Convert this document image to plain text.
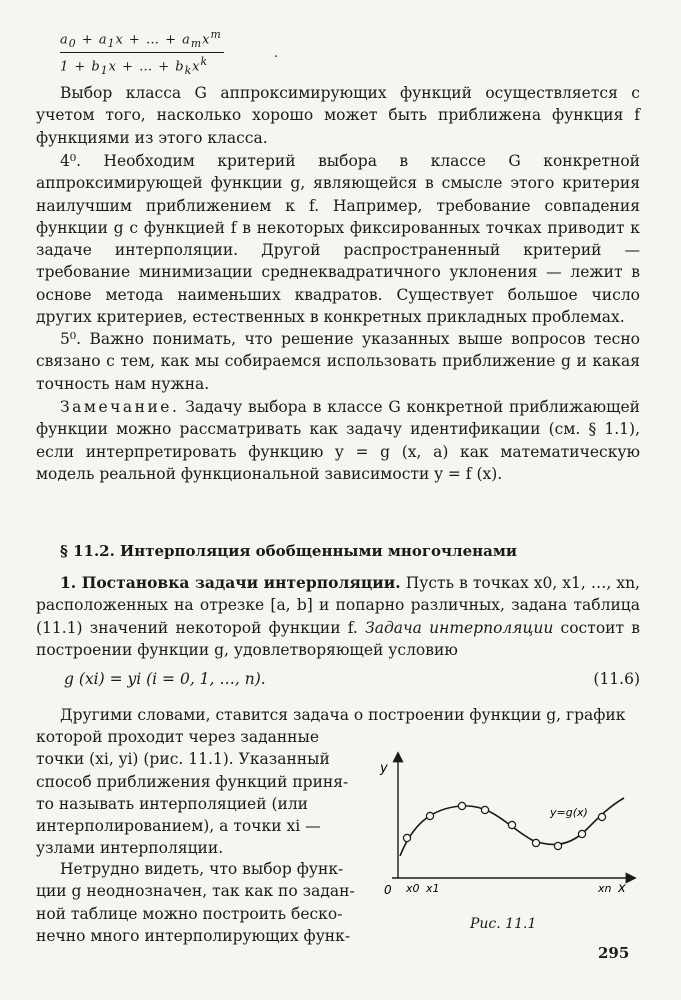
$a_0 + a_1x$ + … + $a_mx^m$
$1 + b_1x$ + … + $b_kx^k$
.

Выбор класса G аппроксимирующих функций осуществляется с учетом того, насколько хорошо может быть приближена функция f функциями из этого класса.

4⁰. Необходим критерий выбора в классе G конкретной аппроксимирующей функции g, являющейся в смысле этого критерия наилучшим приближением к f. Например, требование совпадения функции g с функцией f в некоторых фиксированных точках приводит к задаче интерполяции. Другой распространенный критерий — требование минимизации среднеквадратичного уклонения — лежит в основе метода наименьших квадратов. Существует большое число других критериев, естественных в конкретных прикладных проблемах.

5⁰. Важно понимать, что решение указанных выше вопросов тесно связано с тем, как мы собираемся использовать приближение g и какая точность нам нужна.

Замечание. Задачу выбора в классе G конкретной приближающей функции можно рассматривать как задачу идентификации (см. § 1.1), если интерпретировать функцию y = g (x, a) как математическую модель реальной функциональной зависимости y = f (x).

§ 11.2. Интерполяция обобщенными многочленами

1. Постановка задачи интерполяции. Пусть в точках x0, x1, …, xn, расположенных на отрезке [a, b] и попарно различных, задана таблица (11.1) значений некоторой функции f. Задача интерполяции состоит в построении функции g, удовлетворяющей условию

g (xi) = yi (i = 0, 1, …, n).	(11.6)

Другими словами, ставится задача о построении функции g, график

которой проходит через заданные
точки (xi, yi) (рис. 11.1). Указанный
способ приближения функций приня-
то называть интерполяцией (или
интерполированием), а точки xi —
узлами интерполяции.
Нетрудно видеть, что выбор функ-
ции g неоднозначен, так как по задан-
ной таблице можно построить беско-
нечно много интерполирующих функ-
y
x
0 x0 x1	xn
y=g(x)
Рис. 11.1
295
